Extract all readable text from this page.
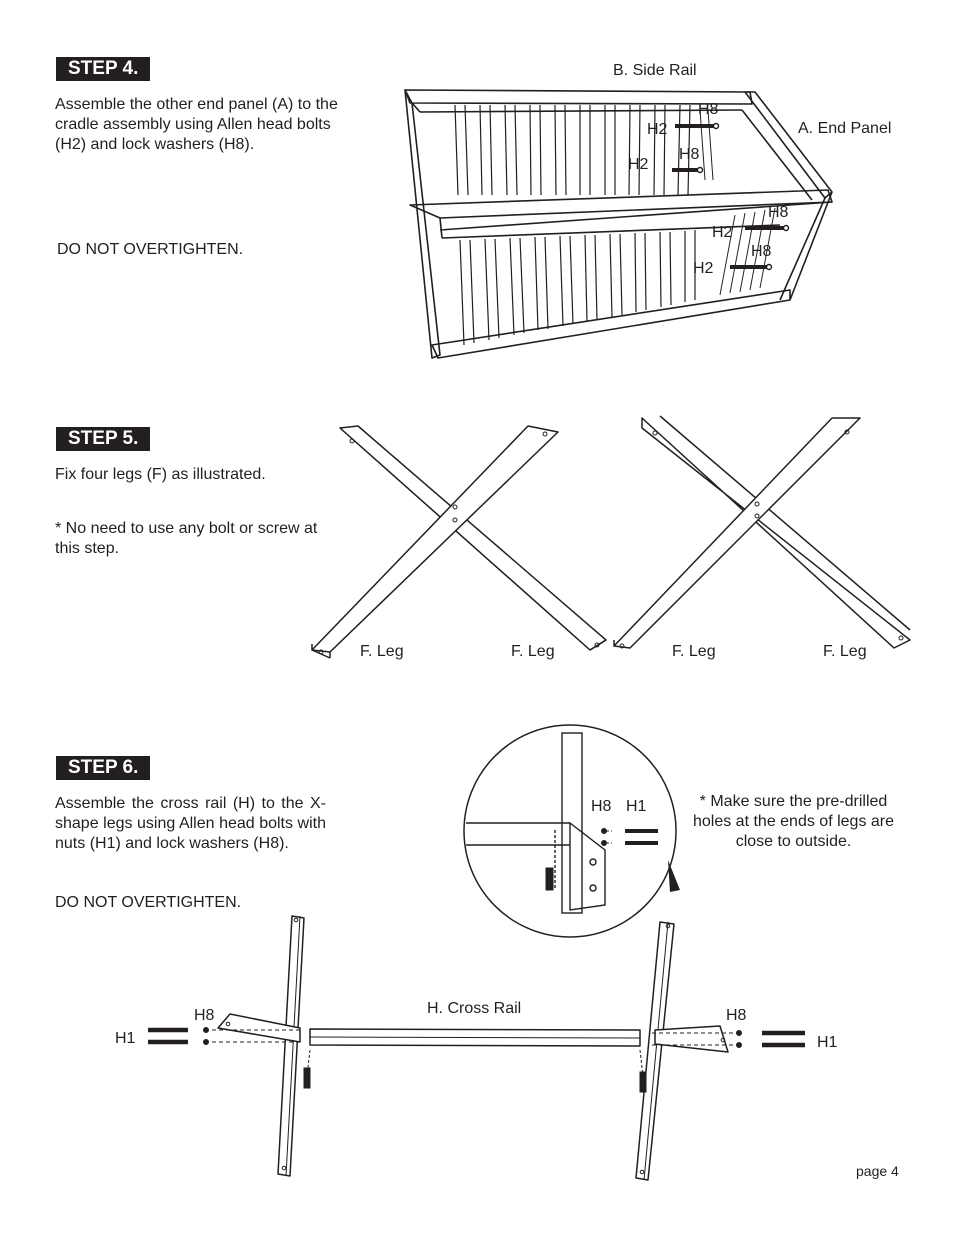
STEP 4.
Assemble the other end panel (A) to the cradle assembly using Allen head bolts (H2) and lock washers (H8).
DO NOT OVERTIGHTEN.
B. Side Rail
A. End Panel
H8
H2
H8
H2
H8
H2
H8
H2
STEP 5.
Fix four legs (F) as illustrated.
* No need to use any bolt or screw at this step.
F. Leg	F. Leg	F. Leg	F. Leg
STEP 6.
Assemble the cross rail (H) to the X-shape legs using Allen head bolts with nuts (H1) and lock washers (H8).
DO NOT OVERTIGHTEN.
* Make sure the pre-drilled holes at the ends of legs are close to outside.
H8 H1
H1
H8	H. Cross Rail	H8
H1
page 4
